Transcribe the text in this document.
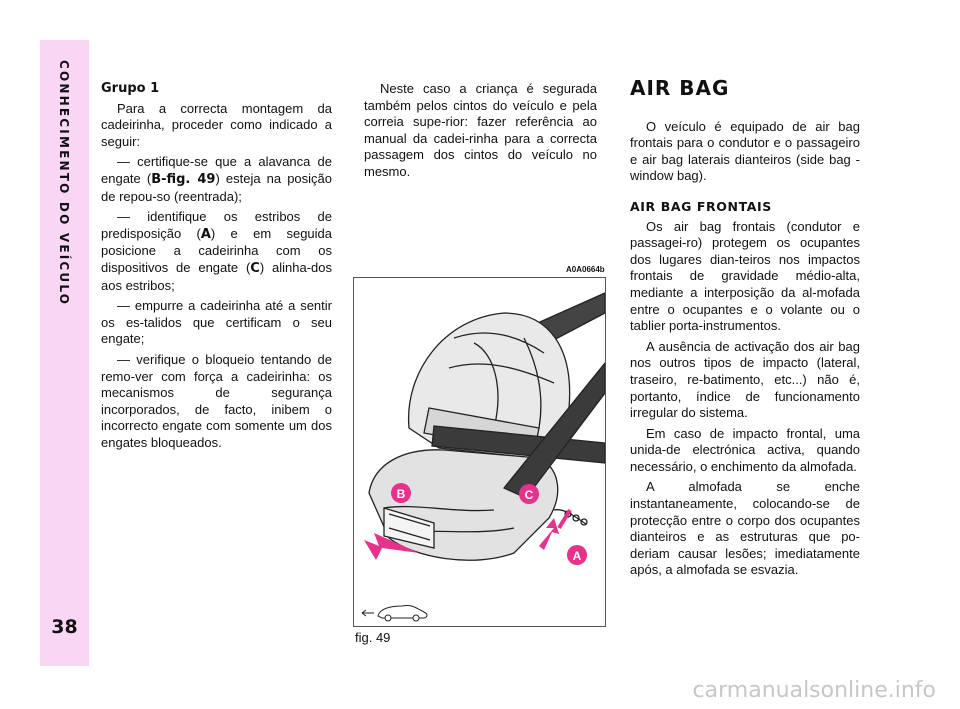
CONHECIMENTO DO VEÍCULO
38
Grupo 1

Para a correcta montagem da cadeirinha, proceder como indicado a seguir:

— certifique-se que a alavanca de engate (B-fig. 49) esteja na posição de repou-so (reentrada);

— identifique os estribos de predisposição (A) e em seguida posicione a cadeirinha com os dispositivos de engate (C) alinha-dos aos estribos;

— empurre a cadeirinha até a sentir os es-talidos que certificam o seu engate;

— verifique o bloqueio tentando de remo-ver com força a cadeirinha: os mecanismos de segurança incorporados, de facto, inibem o incorrecto engate com somente um dos engates bloqueados.

Neste caso a criança é segurada também pelos cintos do veículo e pela correia supe-rior: fazer referência ao manual da cadei-rinha para a correcta passagem dos cintos do veículo no mesmo.

A0A0664b
B	C
A
fig. 49
AIR BAG

O veículo é equipado de air bag frontais para o condutor e o passageiro e air bag laterais dianteiros (side bag - window bag).

AIR BAG FRONTAIS

Os air bag frontais (condutor e passagei-ro) protegem os ocupantes dos lugares dian-teiros nos impactos frontais de gravidade médio-alta, mediante a interposição da al-mofada entre o ocupantes e o volante ou o tablier porta-instrumentos.

A ausência de activação dos air bag nos outros tipos de impacto (lateral, traseiro, re-batimento, etc...) não é, portanto, índice de funcionamento irregular do sistema.

Em caso de impacto frontal, uma unida-de electrónica activa, quando necessário, o enchimento da almofada.

A almofada se enche instantaneamente, colocando-se de protecção entre o corpo dos ocupantes dianteiros e as estruturas que po-deriam causar lesões; imediatamente após, a almofada se esvazia.

carmanualsonline.info
